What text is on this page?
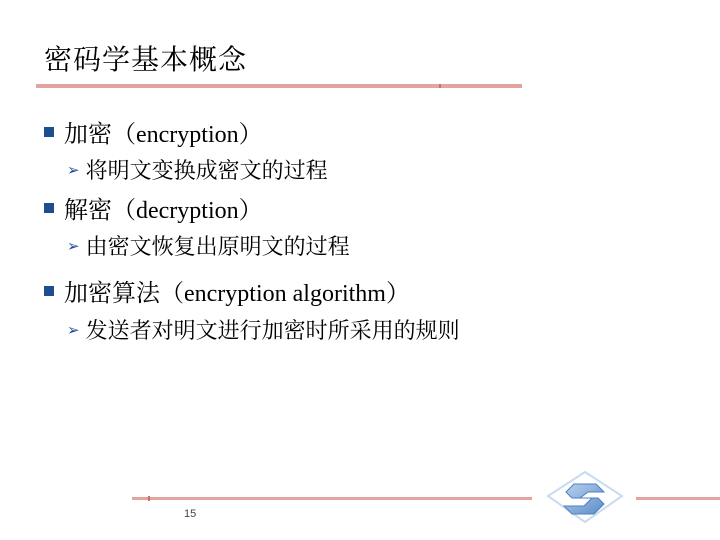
密码学基本概念
加密 （encryption）
➢ 将明文变换成密文的过程
解密 （decryption）
➢ 由密文恢复出原明文的过程
加密算法 （encryption algorithm）
➢ 发送者对明文进行加密时所采用的规则
15
